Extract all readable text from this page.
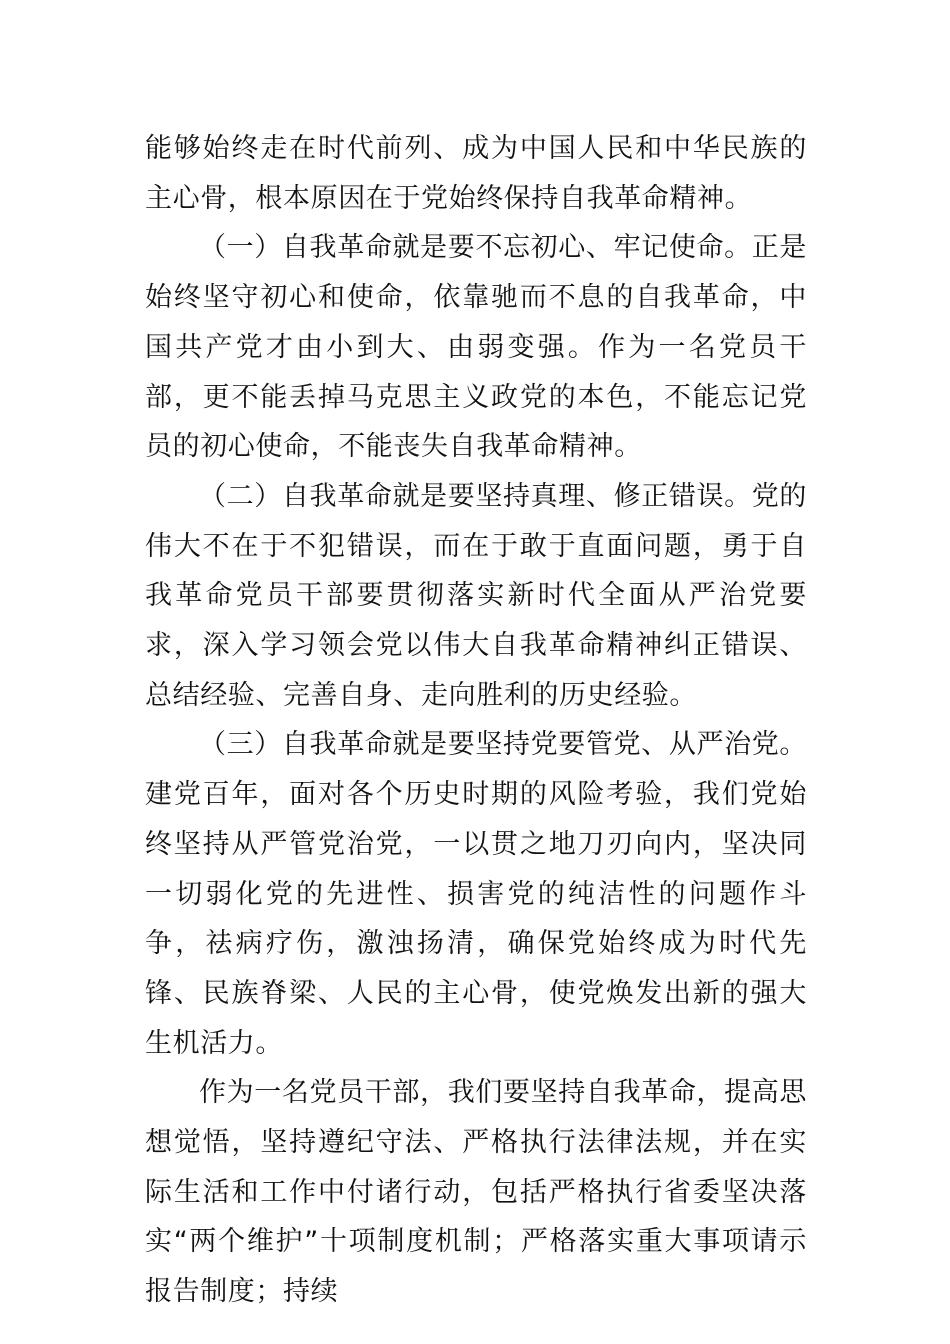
能够始终走在时代前列、成为中国人民和中华民族的主心骨，根本原因在于党始终保持自我革命精神。

（一）自我革命就是要不忘初心、牢记使命。正是始终坚守初心和使命，依靠驰而不息的自我革命，中国共产党才由小到大、由弱变强。作为一名党员干部，更不能丢掉马克思主义政党的本色，不能忘记党员的初心使命，不能丧失自我革命精神。

（二）自我革命就是要坚持真理、修正错误。党的伟大不在于不犯错误，而在于敢于直面问题，勇于自我革命党员干部要贯彻落实新时代全面从严治党要求，深入学习领会党以伟大自我革命精神纠正错误、总结经验、完善自身、走向胜利的历史经验。

（三）自我革命就是要坚持党要管党、从严治党。建党百年，面对各个历史时期的风险考验，我们党始终坚持从严管党治党，一以贯之地刀刃向内，坚决同一切弱化党的先进性、损害党的纯洁性的问题作斗争，祛病疗伤，激浊扬清，确保党始终成为时代先锋、民族脊梁、人民的主心骨，使党焕发出新的强大生机活力。

作为一名党员干部，我们要坚持自我革命，提高思想觉悟，坚持遵纪守法、严格执行法律法规，并在实际生活和工作中付诸行动，包括严格执行省委坚决落实“两个维护”十项制度机制；严格落实重大事项请示报告制度；持续
